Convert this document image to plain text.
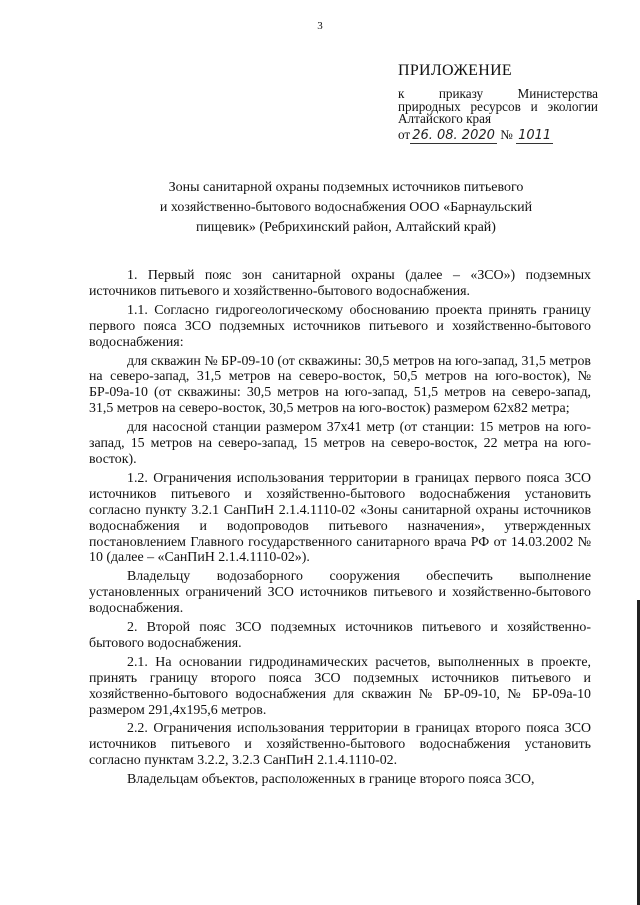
3
ПРИЛОЖЕНИЕ
к приказу Министерства природных ресурсов и экологии Алтайского края
от 26. 08. 2020 № 1011
Зоны санитарной охраны подземных источников питьевого
и хозяйственно-бытового водоснабжения ООО «Барнаульский
пищевик» (Ребрихинский район, Алтайский край)

1. Первый пояс зон санитарной охраны (далее – «ЗСО») подземных источников питьевого и хозяйственно-бытового водоснабжения.

1.1. Согласно гидрогеологическому обоснованию проекта принять границу первого пояса ЗСО подземных источников питьевого и хозяйственно-бытового водоснабжения:

для скважин № БР-09-10 (от скважины: 30,5 метров на юго-запад, 31,5 метров на северо-запад, 31,5 метров на северо-восток, 50,5 метров на юго-восток), № БР-09а-10 (от скважины: 30,5 метров на юго-запад, 51,5 метров на северо-запад, 31,5 метров на северо-восток, 30,5 метров на юго-восток) размером 62х82 метра;

для насосной станции размером 37х41 метр (от станции: 15 метров на юго-запад, 15 метров на северо-запад, 15 метров на северо-восток, 22 метра на юго-восток).

1.2. Ограничения использования территории в границах первого пояса ЗСО источников питьевого и хозяйственно-бытового водоснабжения установить согласно пункту 3.2.1 СанПиН 2.1.4.1110-02 «Зоны санитарной охраны источников водоснабжения и водопроводов питьевого назначения», утвержденных постановлением Главного государственного санитарного врача РФ от 14.03.2002 № 10 (далее – «СанПиН 2.1.4.1110-02»).

Владельцу водозаборного сооружения обеспечить выполнение установленных ограничений ЗСО источников питьевого и хозяйственно-бытового водоснабжения.

2. Второй пояс ЗСО подземных источников питьевого и хозяйственно-бытового водоснабжения.

2.1. На основании гидродинамических расчетов, выполненных в проекте, принять границу второго пояса ЗСО подземных источников питьевого и хозяйственно-бытового водоснабжения для скважин № БР-09-10, № БР-09а-10 размером 291,4х195,6 метров.

2.2. Ограничения использования территории в границах второго пояса ЗСО источников питьевого и хозяйственно-бытового водоснабжения установить согласно пунктам 3.2.2, 3.2.3 СанПиН 2.1.4.1110-02.

Владельцам объектов, расположенных в границе второго пояса ЗСО,
